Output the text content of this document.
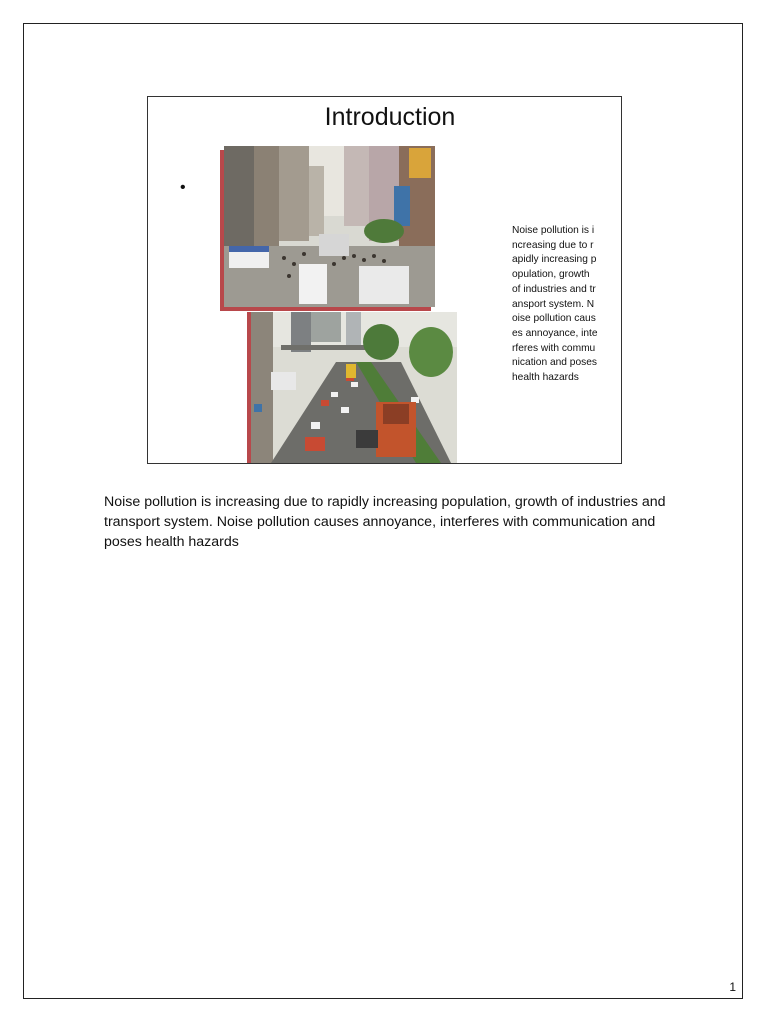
Introduction
•
Noise pollution is increasing due to rapidly increasing population, growth of industries and transport system. Noise pollution causes annoyance, interferes with communication and poses health hazards
Noise pollution is increasing due to rapidly increasing population, growth of industries and transport system. Noise pollution causes annoyance, interferes with communication and poses health hazards
1
